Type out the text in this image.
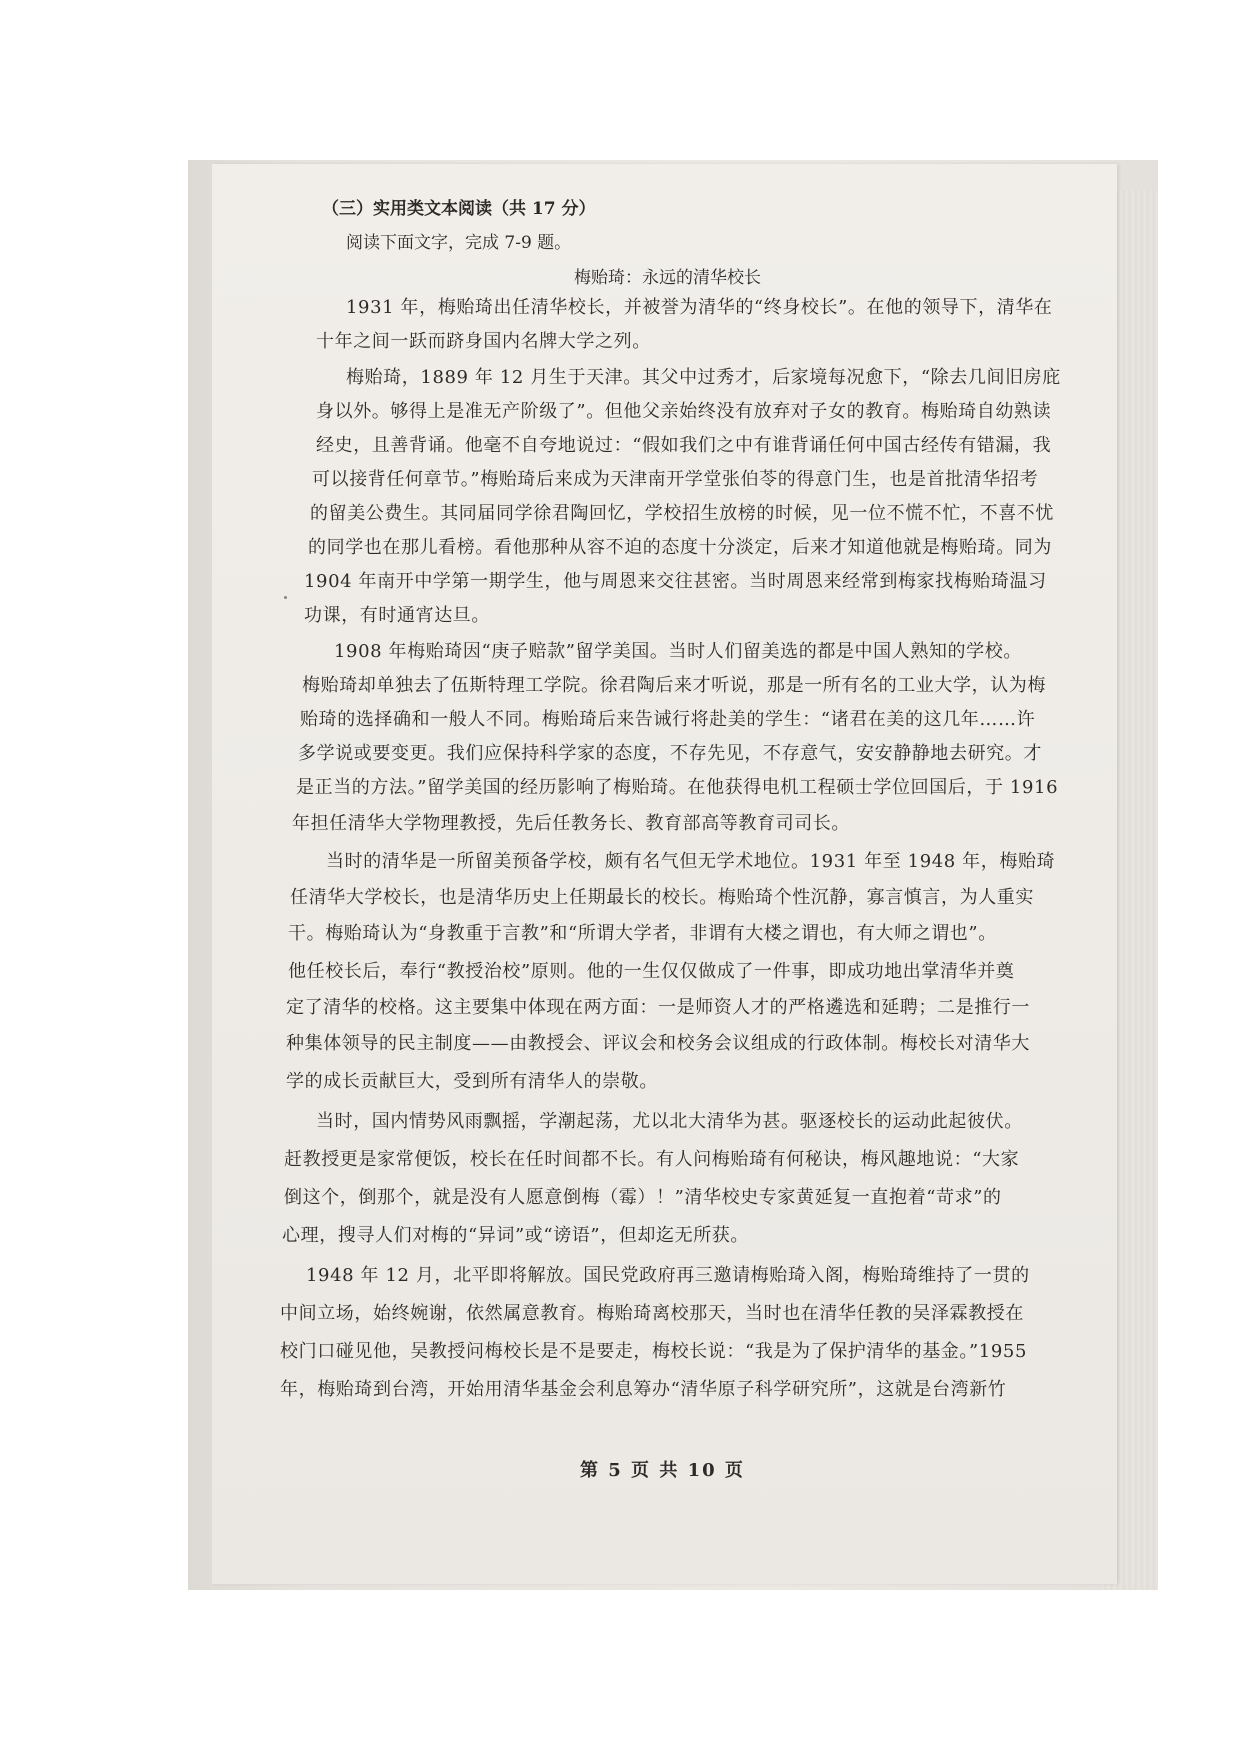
（三）实用类文本阅读（共 17 分）
阅读下面文字，完成 7-9 题。
梅贻琦：永远的清华校长
1931 年，梅贻琦出任清华校长，并被誉为清华的“终身校长”。在他的领导下，清华在
十年之间一跃而跻身国内名牌大学之列。
梅贻琦，1889 年 12 月生于天津。其父中过秀才，后家境每况愈下，“除去几间旧房庇
身以外。够得上是准无产阶级了”。但他父亲始终没有放弃对子女的教育。梅贻琦自幼熟读
经史，且善背诵。他毫不自夸地说过：“假如我们之中有谁背诵任何中国古经传有错漏，我
可以接背任何章节。”梅贻琦后来成为天津南开学堂张伯苓的得意门生，也是首批清华招考
的留美公费生。其同届同学徐君陶回忆，学校招生放榜的时候，见一位不慌不忙，不喜不忧
的同学也在那儿看榜。看他那种从容不迫的态度十分淡定，后来才知道他就是梅贻琦。同为
1904 年南开中学第一期学生，他与周恩来交往甚密。当时周恩来经常到梅家找梅贻琦温习
功课，有时通宵达旦。
1908 年梅贻琦因“庚子赔款”留学美国。当时人们留美选的都是中国人熟知的学校。
梅贻琦却单独去了伍斯特理工学院。徐君陶后来才听说，那是一所有名的工业大学，认为梅
贻琦的选择确和一般人不同。梅贻琦后来告诫行将赴美的学生：“诸君在美的这几年……许
多学说或要变更。我们应保持科学家的态度，不存先见，不存意气，安安静静地去研究。才
是正当的方法。”留学美国的经历影响了梅贻琦。在他获得电机工程硕士学位回国后，于 1916
年担任清华大学物理教授，先后任教务长、教育部高等教育司司长。
当时的清华是一所留美预备学校，颇有名气但无学术地位。1931 年至 1948 年，梅贻琦
任清华大学校长，也是清华历史上任期最长的校长。梅贻琦个性沉静，寡言慎言，为人重实
干。梅贻琦认为“身教重于言教”和“所谓大学者，非谓有大楼之谓也，有大师之谓也”。
他任校长后，奉行“教授治校”原则。他的一生仅仅做成了一件事，即成功地出掌清华并奠
定了清华的校格。这主要集中体现在两方面：一是师资人才的严格遴选和延聘；二是推行一
种集体领导的民主制度——由教授会、评议会和校务会议组成的行政体制。梅校长对清华大
学的成长贡献巨大，受到所有清华人的崇敬。
当时，国内情势风雨飘摇，学潮起荡，尤以北大清华为甚。驱逐校长的运动此起彼伏。
赶教授更是家常便饭，校长在任时间都不长。有人问梅贻琦有何秘诀，梅风趣地说：“大家
倒这个，倒那个，就是没有人愿意倒梅（霉）！”清华校史专家黄延复一直抱着“苛求”的
心理，搜寻人们对梅的“异词”或“谤语”，但却迄无所获。
1948 年 12 月，北平即将解放。国民党政府再三邀请梅贻琦入阁，梅贻琦维持了一贯的
中间立场，始终婉谢，依然属意教育。梅贻琦离校那天，当时也在清华任教的吴泽霖教授在
校门口碰见他，吴教授问梅校长是不是要走，梅校长说：“我是为了保护清华的基金。”1955
年，梅贻琦到台湾，开始用清华基金会利息筹办“清华原子科学研究所”，这就是台湾新竹
第 5 页 共 10 页
